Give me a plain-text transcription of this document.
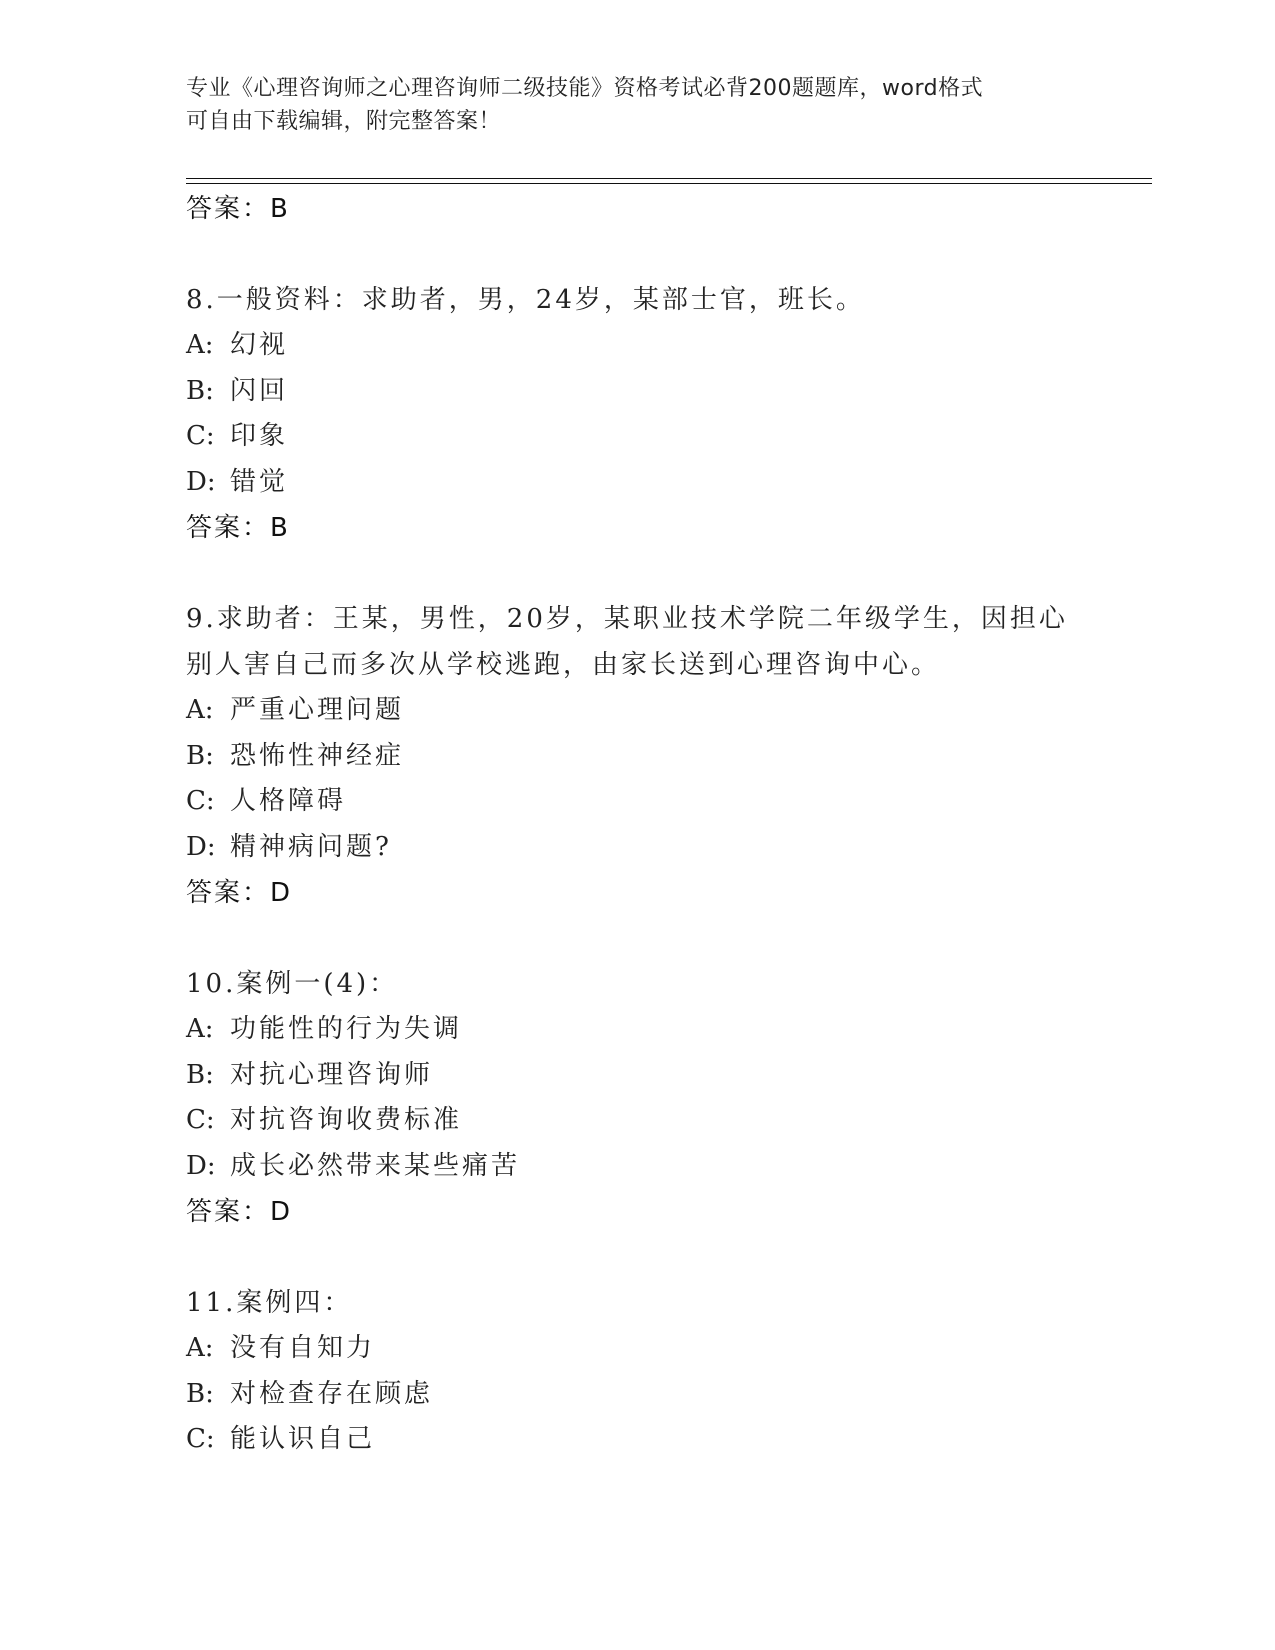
专业《心理咨询师之心理咨询师二级技能》资格考试必背200题题库，word格式
可自由下载编辑，附完整答案！

答案：B

8.一般资料：求助者，男，24岁，某部士官，班长。

A: 幻视

B: 闪回

C: 印象

D: 错觉

答案：B

9.求助者：王某，男性，20岁，某职业技术学院二年级学生，因担心

别人害自己而多次从学校逃跑，由家长送到心理咨询中心。

A: 严重心理问题

B: 恐怖性神经症

C: 人格障碍

D: 精神病问题?

答案：D

10.案例一(4)：

A: 功能性的行为失调

B: 对抗心理咨询师

C: 对抗咨询收费标准

D: 成长必然带来某些痛苦

答案：D

11.案例四：

A: 没有自知力

B: 对检查存在顾虑

C: 能认识自己
